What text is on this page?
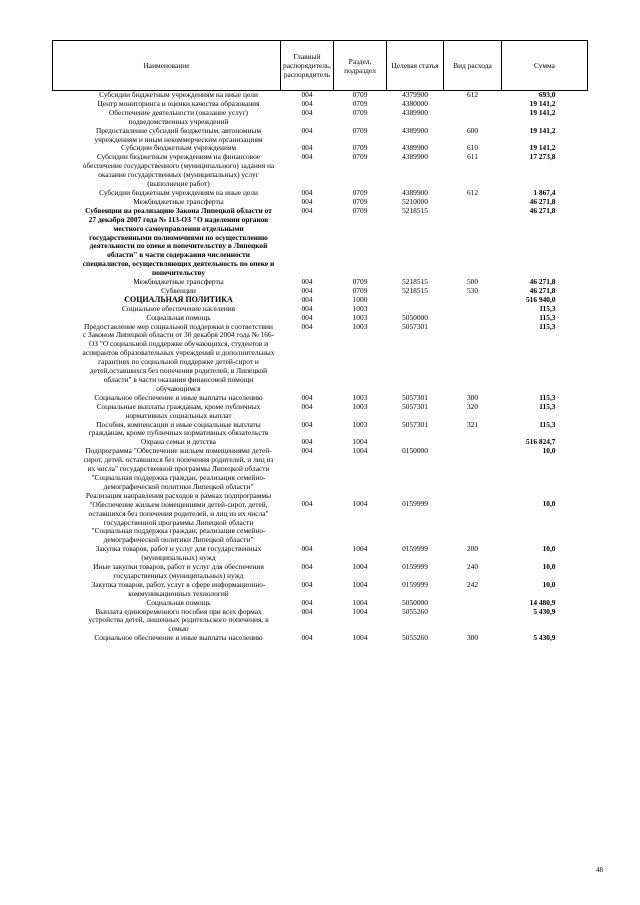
Наименование	Главный распорядитель, распорядитель	Раздел, подраздел	Целевая статья	Вид расхода	Сумма
Субсидии бюджетным учреждениям на иные цели	004	0709	4379900	612	693,0
Центр мониторинга и оценки качества образования	004	0709	4380000		19 141,2
Обеспечение деятельности (оказание услуг) подведомственных учреждений	004	0709	4389900		19 141,2
Предоставление субсидий бюджетным, автономным учреждениям и иным некоммерческим организациям	004	0709	4389900	600	19 141,2
Субсидии бюджетным учреждениям	004	0709	4389900	610	19 141,2
Субсидии бюджетным учреждениям на финансовое обеспечение государственного (муниципального) задания на оказание государственных (муниципальных) услуг (выполнение работ)	004	0709	4389900	611	17 273,8
Субсидии бюджетным учреждениям на иные цели	004	0709	4389900	612	1 867,4
Межбюджетные трансферты	004	0709	5210000		46 271,8
Субвенции на реализацию Закона Липецкой области от 27 декабря 2007 года № 113-ОЗ "О наделении органов местного самоуправления отдельными государственными полномочиями по осуществлению деятельности по опеке и попечительству в Липецкой области" в части содержания численности специалистов, осуществляющих деятельность по опеке и попечительству	004	0709	5218515		46 271,8
Межбюджетные трансферты	004	0709	5218515	500	46 271,8
Субвенции	004	0709	5218515	530	46 271,8
СОЦИАЛЬНАЯ ПОЛИТИКА	004	1000			516 940,0
Социальное обеспечение населения	004	1003			115,3
Социальная помощь	004	1003	5050000		115,3
Предоставление мер социальной поддержки в соответствии с Законом Липецкой области от 30 декабря 2004 года № 166-ОЗ "О социальной поддержке обучающихся, студентов и аспирантов образовательных учреждений и дополнительных гарантиях по социальной поддержке детей-сирот и детей,оставшихся без попечения родителей, в Липецкой области" в части оказания финансовой помощи обучающимся	004	1003	5057301		115,3
Социальное обеспечение и иные выплаты населению	004	1003	5057301	300	115,3
Социальные выплаты гражданам, кроме публичных нормативных социальных выплат	004	1003	5057301	320	115,3
Пособия, компенсации и иные социальные выплаты гражданам, кроме публичных нормативных обязательств	004	1003	5057301	321	115,3
Охрана семьи и детства	004	1004			516 824,7
Подпрограмма "Обеспечение жильем помещениями детей-сирот, детей, оставшихся без попечения родителей, и лиц из их числа" государственной программы Липецкой области "Социальная поддержка граждан, реализация семейно-демографической политики Липецкой области"	004	1004	0150000		10,0
Реализация направления расходов в рамках подпрограммы "Обеспечение жильем помещениями детей-сирот, детей, оставшихся без попечения родителей, и лиц из их числа" государственной программы Липецкой области "Социальная поддержка граждан, реализация семейно-демографической политики Липецкой области"	004	1004	0159999		10,0
Закупка товаров, работ и услуг для государственных (муниципальных) нужд	004	1004	0159999	200	10,0
Иные закупки товаров, работ и услуг для обеспечения государственных (муниципальных) нужд	004	1004	0159999	240	10,0
Закупка товаров, работ, услуг в сфере информационно-коммуникационных технологий	004	1004	0159999	242	10,0
Социальная помощь	004	1004	5050000		14 480,9
Выплата единовременного пособия при всех формах устройства детей, лишенных родительского попечения, в семью	004	1004	5055260		5 430,9
Социальное обеспечение и иные выплаты населению	004	1004	5055260	300	5 430,9
48
